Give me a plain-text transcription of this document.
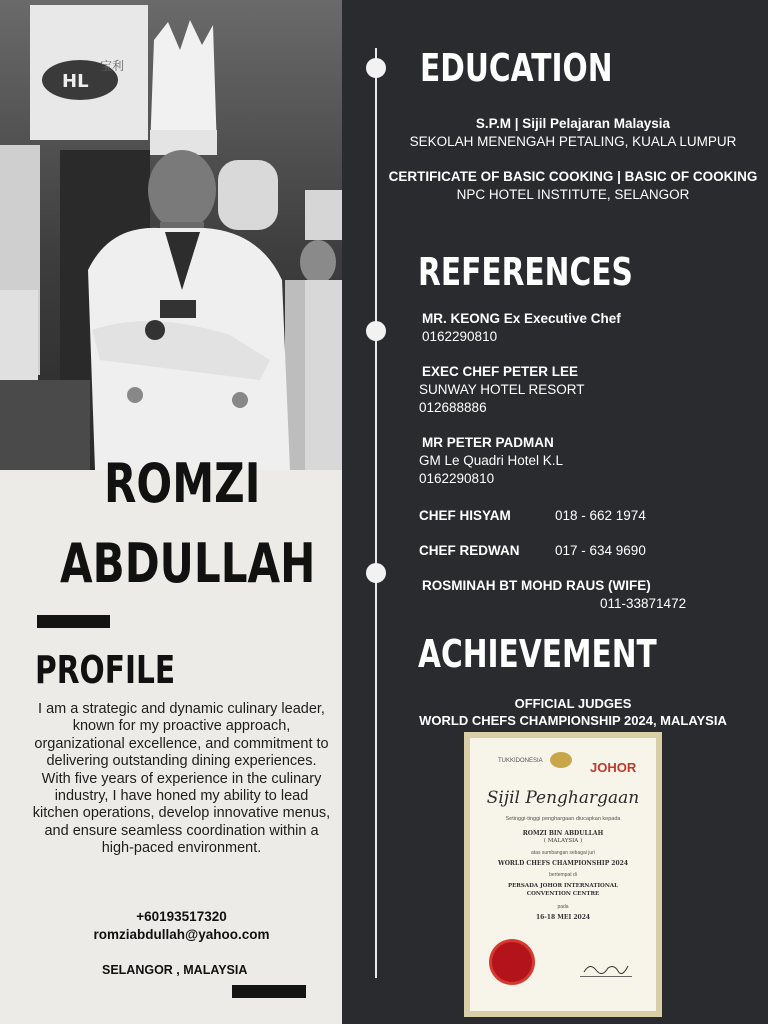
HL
宝利
ROMZI
ABDULLAH
PROFILE
I am a strategic and dynamic culinary leader, known for my proactive approach, organizational excellence, and commitment to delivering outstanding dining experiences. With five years of experience in the culinary industry, I have honed my ability to lead kitchen operations, develop innovative menus, and ensure seamless coordination within a high-paced environment.
+60193517320
romziabdullah@yahoo.com
SELANGOR , MALAYSIA
EDUCATION
S.P.M | Sijil Pelajaran Malaysia
SEKOLAH MENENGAH PETALING, KUALA LUMPUR
CERTIFICATE OF BASIC COOKING | BASIC OF COOKING
NPC HOTEL INSTITUTE, SELANGOR
REFERENCES
MR. KEONG Ex Executive Chef
0162290810
EXEC CHEF PETER LEE
SUNWAY HOTEL RESORT
012688886
MR PETER PADMAN
GM Le Quadri Hotel K.L
0162290810
CHEF HISYAM	018 - 662 1974
CHEF REDWAN	017 - 634 9690
ROSMINAH BT MOHD RAUS (WIFE)
011-33871472
ACHIEVEMENT
OFFICIAL JUDGES
WORLD CHEFS CHAMPIONSHIP 2024, MALAYSIA
TUKKIDONESIA	JOHOR
Sijil Penghargaan
Setinggi-tinggi penghargaan diucapkan kepada
ROMZI BIN ABDULLAH
( MALAYSIA )
atas sumbangan sebagai juri
WORLD CHEFS CHAMPIONSHIP 2024
bertempat di
PERSADA JOHOR INTERNATIONAL CONVENTION CENTRE
pada
16-18 MEI 2024
